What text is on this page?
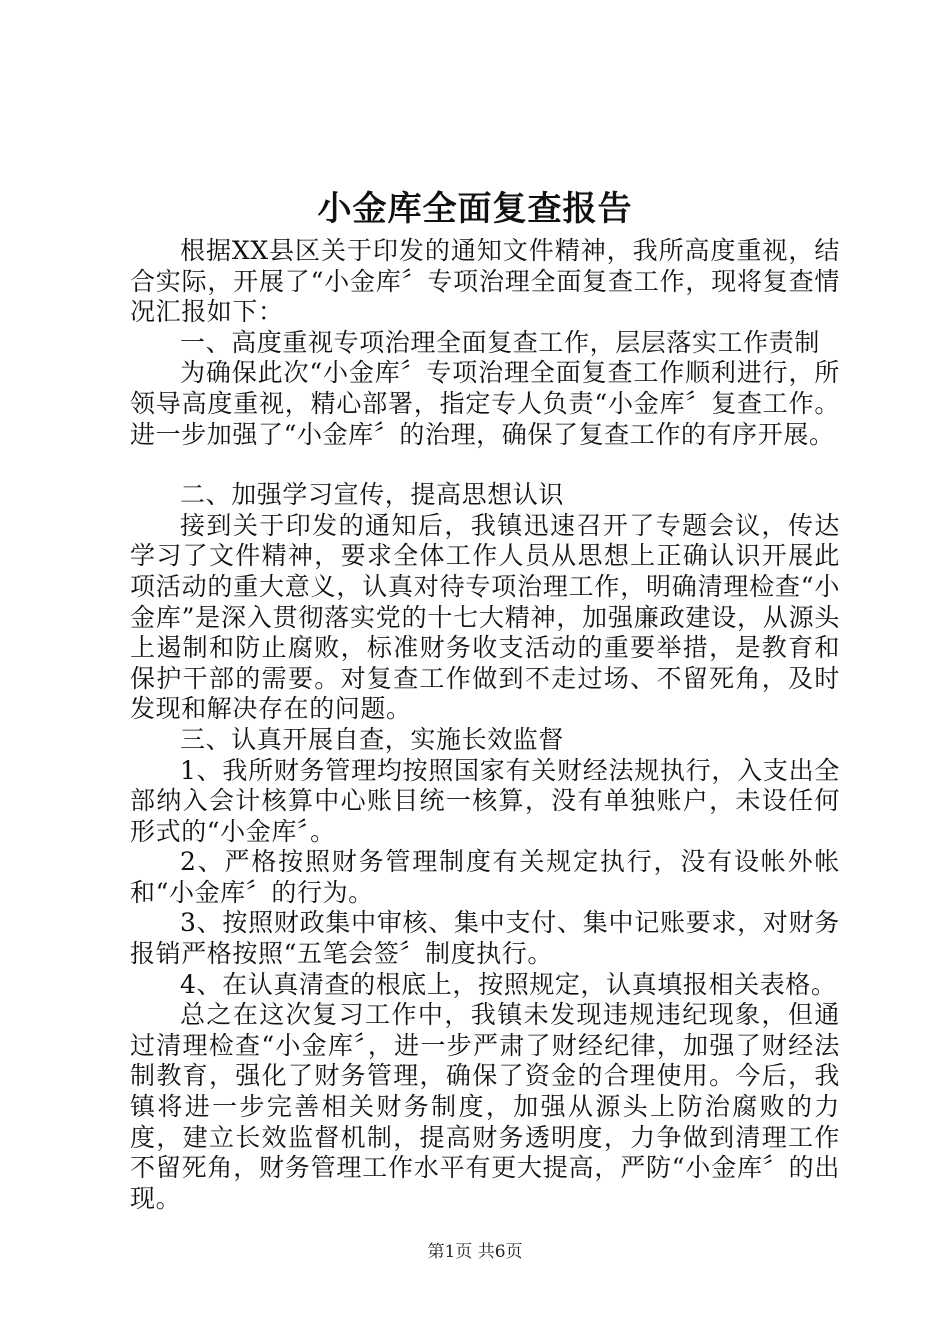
小金库全面复查报告

根据XX县区关于印发的通知文件精神，我所高度重视，结合实际，开展了“小金库〞专项治理全面复查工作，现将复查情况汇报如下：

一、高度重视专项治理全面复查工作，层层落实工作责制

为确保此次“小金库〞专项治理全面复查工作顺利进行，所领导高度重视，精心部署，指定专人负责“小金库〞复查工作。进一步加强了“小金库〞的治理，确保了复查工作的有序开展。

二、加强学习宣传，提高思想认识

接到关于印发的通知后，我镇迅速召开了专题会议，传达学习了文件精神，要求全体工作人员从思想上正确认识开展此项活动的重大意义，认真对待专项治理工作，明确清理检查“小金库”是深入贯彻落实党的十七大精神，加强廉政建设，从源头上遏制和防止腐败，标准财务收支活动的重要举措，是教育和保护干部的需要。对复查工作做到不走过场、不留死角，及时发现和解决存在的问题。

三、认真开展自查，实施长效监督

1、我所财务管理均按照国家有关财经法规执行，入支出全部纳入会计核算中心账目统一核算，没有单独账户，未设任何形式的“小金库〞。

2、严格按照财务管理制度有关规定执行，没有设帐外帐和“小金库〞的行为。

3、按照财政集中审核、集中支付、集中记账要求，对财务报销严格按照“五笔会签〞制度执行。

4、在认真清查的根底上，按照规定，认真填报相关表格。

总之在这次复习工作中，我镇未发现违规违纪现象，但通过清理检查“小金库〞，进一步严肃了财经纪律，加强了财经法制教育，强化了财务管理，确保了资金的合理使用。今后，我镇将进一步完善相关财务制度，加强从源头上防治腐败的力度，建立长效监督机制，提高财务透明度，力争做到清理工作不留死角，财务管理工作水平有更大提高，严防“小金库〞的出现。

第1页 共6页
